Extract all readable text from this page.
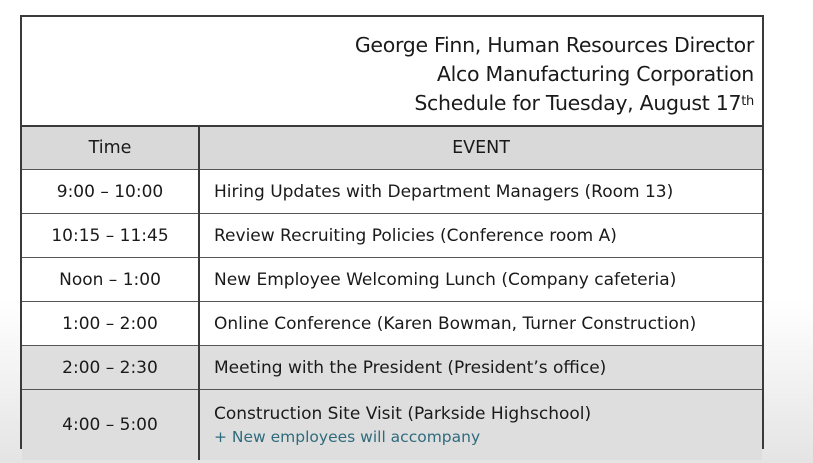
George Finn, Human Resources Director
Alco Manufacturing Corporation
Schedule for Tuesday, August 17th
Time	EVENT
9:00 – 10:00	Hiring Updates with Department Managers (Room 13)
10:15 – 11:45	Review Recruiting Policies (Conference room A)
Noon – 1:00	New Employee Welcoming Lunch (Company cafeteria)
1:00 – 2:00	Online Conference (Karen Bowman, Turner Construction)
2:00 – 2:30	Meeting with the President (President’s office)
4:00 – 5:00	Construction Site Visit (Parkside Highschool)
+ New employees will accompany
